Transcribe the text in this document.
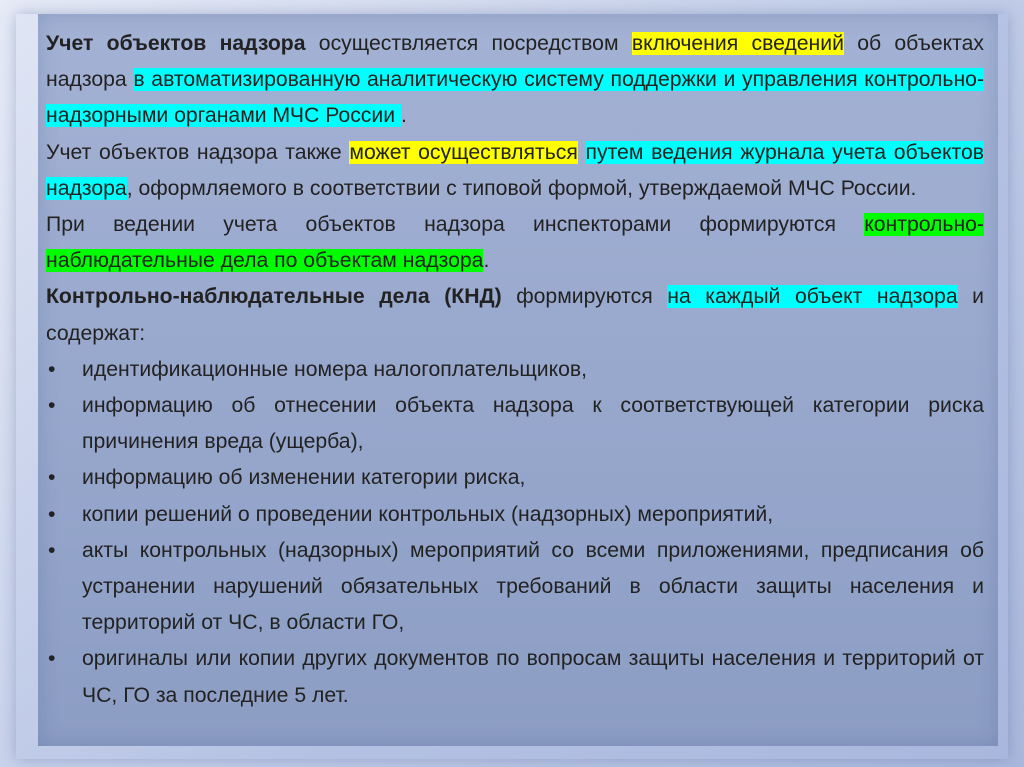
Учет объектов надзора осуществляется посредством включения сведений об объектах надзора в автоматизированную аналитическую систему поддержки и управления контрольно-надзорными органами МЧС России .

Учет объектов надзора также может осуществляться путем ведения журнала учета объектов надзора, оформляемого в соответствии с типовой формой, утверждаемой МЧС России.

При ведении учета объектов надзора инспекторами формируются контрольно-наблюдательные дела по объектам надзора.

Контрольно-наблюдательные дела (КНД) формируются на каждый объект надзора и содержат:

• идентификационные номера налогоплательщиков,
• информацию об отнесении объекта надзора к соответствующей категории риска причинения вреда (ущерба),
• информацию об изменении категории риска,
• копии решений о проведении контрольных (надзорных) мероприятий,
• акты контрольных (надзорных) мероприятий со всеми приложениями, предписания об устранении нарушений обязательных требований в области защиты населения и территорий от ЧС, в области ГО,
• оригиналы или копии других документов по вопросам защиты населения и территорий от ЧС, ГО за последние 5 лет.
